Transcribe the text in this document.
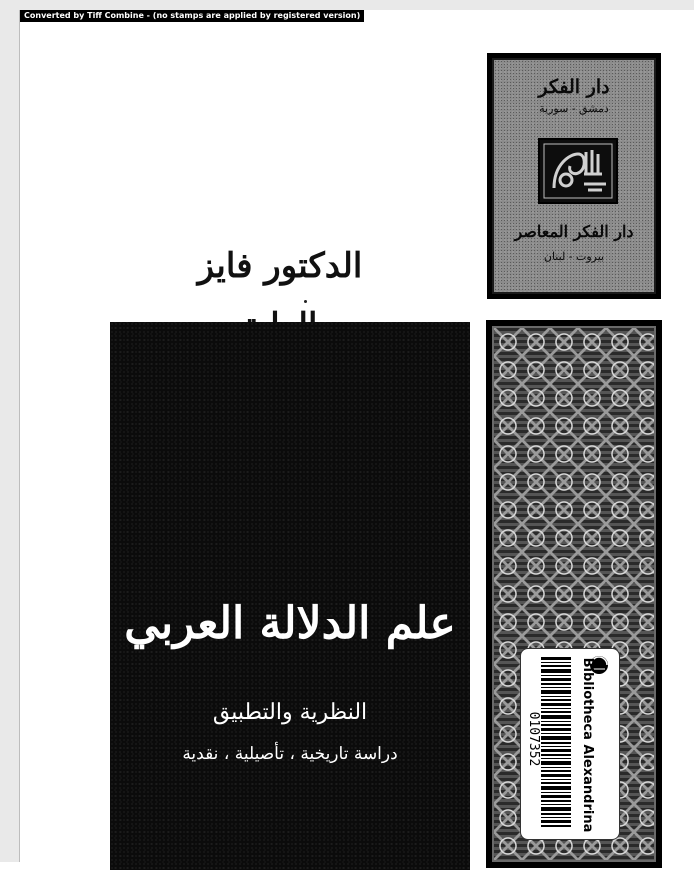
Converted by Tiff Combine - (no stamps are applied by registered version)
دار الفكر
دمشق - سورية
دار الفكر المعاصر
بيروت - لبنان
الدكتور فايز
علم الدلالة العربي
النظرية والتطبيق
دراسة تاريخية ، تأصيلية ، نقدية	0107352	Bibliotheca Alexandrina
